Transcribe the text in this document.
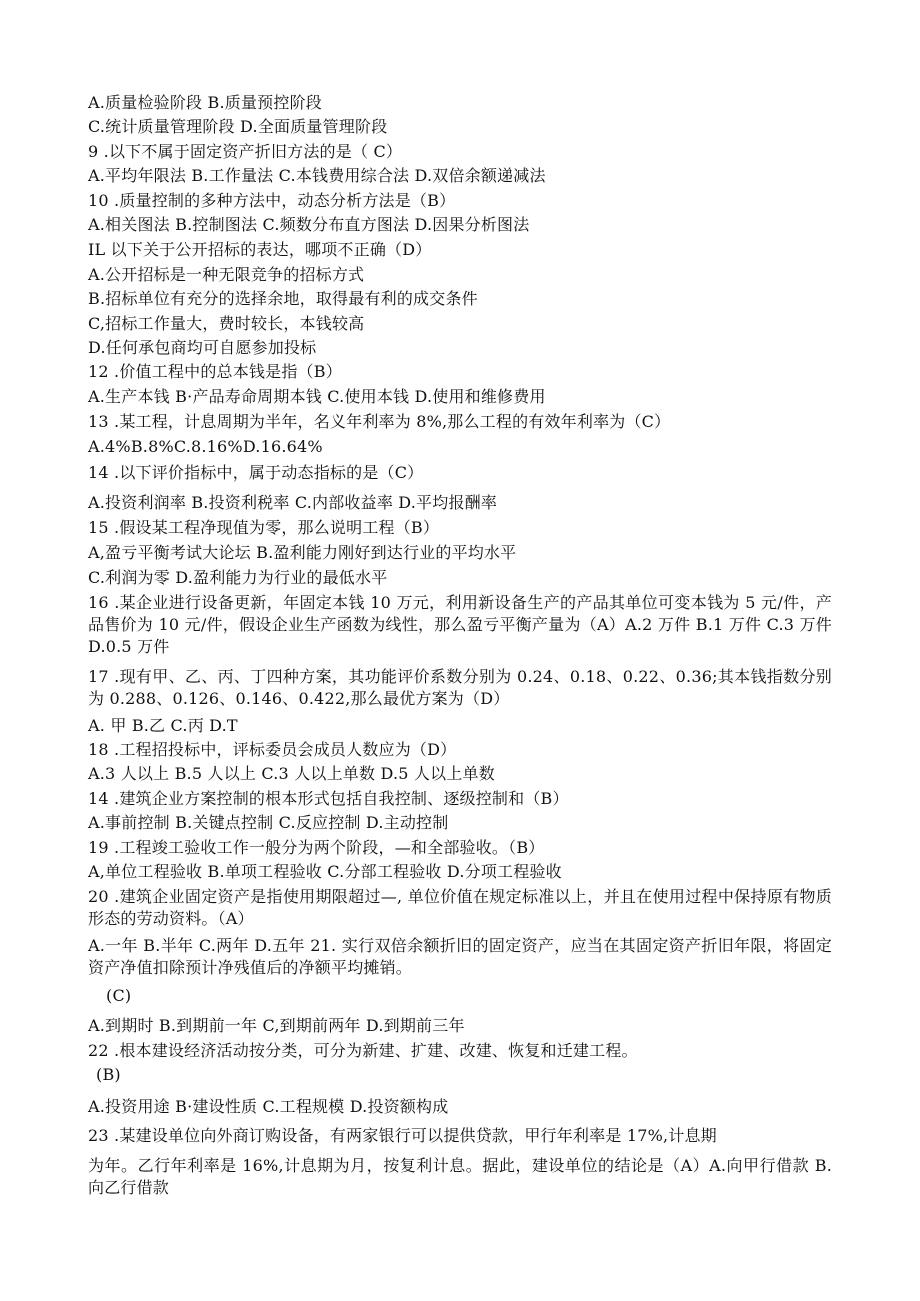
A.质量检验阶段 B.质量预控阶段
C.统计质量管理阶段 D.全面质量管理阶段
9 .以下不属于固定资产折旧方法的是（ C）
A.平均年限法 B.工作量法 C.本钱费用综合法 D.双倍余额递减法
10 .质量控制的多种方法中，动态分析方法是（B）
A.相关图法 B.控制图法 C.频数分布直方图法 D.因果分析图法
IL 以下关于公开招标的表达，哪项不正确（D）
A.公开招标是一种无限竞争的招标方式
B.招标单位有充分的选择余地，取得最有利的成交条件
C,招标工作量大，费时较长，本钱较高
D.任何承包商均可自愿参加投标
12 .价值工程中的总本钱是指（B）
A.生产本钱 B·产品寿命周期本钱 C.使用本钱 D.使用和维修费用
13 .某工程，计息周期为半年，名义年利率为 8%,那么工程的有效年利率为（C）
A.4%B.8%C.8.16%D.16.64%
14 .以下评价指标中，属于动态指标的是（C）
A.投资利润率 B.投资利税率 C.内部收益率 D.平均报酬率
15 .假设某工程净现值为零，那么说明工程（B）
A,盈亏平衡考试大论坛 B.盈利能力刚好到达行业的平均水平
C.利润为零 D.盈利能力为行业的最低水平
16 .某企业进行设备更新，年固定本钱 10 万元，利用新设备生产的产品其单位可变本钱为 5 元/件，产品售价为 10 元/件，假设企业生产函数为线性，那么盈亏平衡产量为（A）A.2 万件 B.1 万件 C.3 万件 D.0.5 万件
17 .现有甲、乙、丙、丁四种方案，其功能评价系数分别为 0.24、0.18、0.22、0.36;其本钱指数分别为 0.288、0.126、0.146、0.422,那么最优方案为（D）
A. 甲 B.乙 C.丙 D.T
18 .工程招投标中，评标委员会成员人数应为（D）
A.3 人以上 B.5 人以上 C.3 人以上单数 D.5 人以上单数
14 .建筑企业方案控制的根本形式包括自我控制、逐级控制和（B）
A.事前控制 B.关键点控制 C.反应控制 D.主动控制
19 .工程竣工验收工作一般分为两个阶段，—和全部验收。（B）
A,单位工程验收 B.单项工程验收 C.分部工程验收 D.分项工程验收
20 .建筑企业固定资产是指使用期限超过—, 单位价值在规定标准以上，并且在使用过程中保持原有物质形态的劳动资料。（A）
A.一年 B.半年 C.两年 D.五年 21. 实行双倍余额折旧的固定资产，应当在其固定资产折旧年限，将固定资产净值扣除预计净残值后的净额平均摊销。
(C)
A.到期时 B.到期前一年 C,到期前两年 D.到期前三年
22 .根本建设经济活动按分类，可分为新建、扩建、改建、恢复和迁建工程。
(B)
A.投资用途 B·建设性质 C.工程规模 D.投资额构成
23 .某建设单位向外商订购设备，有两家银行可以提供贷款，甲行年利率是 17%,计息期
为年。乙行年利率是 16%,计息期为月，按复利计息。据此，建设单位的结论是（A）A.向甲行借款 B.向乙行借款
